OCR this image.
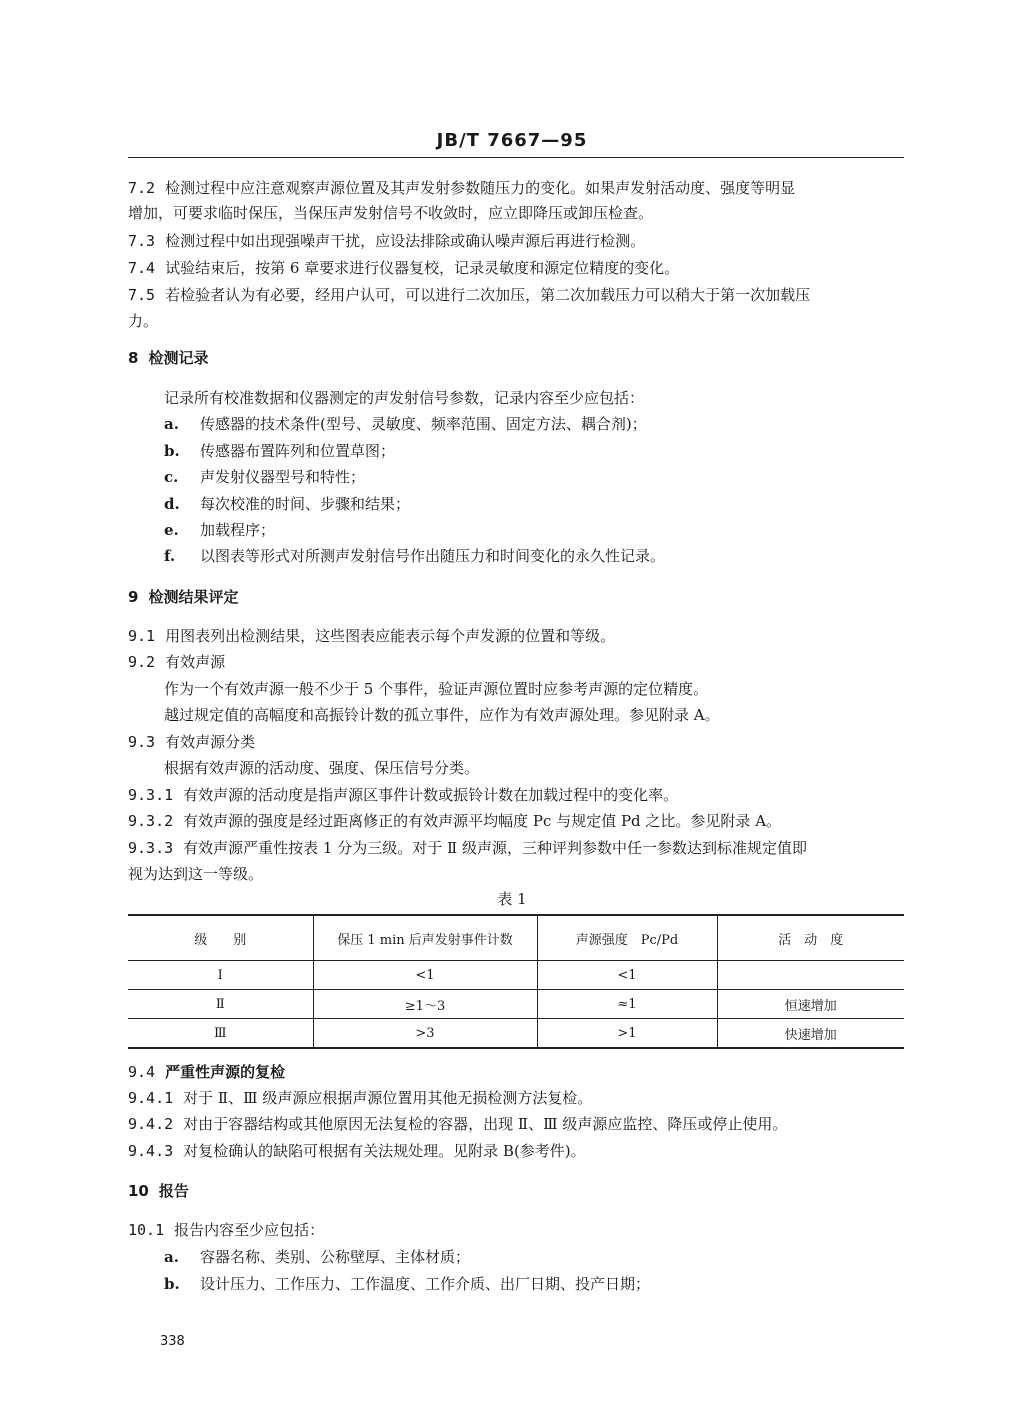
JB/T 7667—95
7.2 检测过程中应注意观察声源位置及其声发射参数随压力的变化。如果声发射活动度、强度等明显
增加，可要求临时保压，当保压声发射信号不收敛时，应立即降压或卸压检查。
7.3 检测过程中如出现强噪声干扰，应设法排除或确认噪声源后再进行检测。
7.4 试验结束后，按第 6 章要求进行仪器复校，记录灵敏度和源定位精度的变化。
7.5 若检验者认为有必要，经用户认可，可以进行二次加压，第二次加载压力可以稍大于第一次加载压
力。
8 检测记录
记录所有校准数据和仪器测定的声发射信号参数，记录内容至少应包括：
a. 传感器的技术条件(型号、灵敏度、频率范围、固定方法、耦合剂)；
b. 传感器布置阵列和位置草图；
c. 声发射仪器型号和特性；
d. 每次校准的时间、步骤和结果；
e. 加载程序；
f. 以图表等形式对所测声发射信号作出随压力和时间变化的永久性记录。
9 检测结果评定
9.1 用图表列出检测结果，这些图表应能表示每个声发源的位置和等级。
9.2 有效声源
作为一个有效声源一般不少于 5 个事件，验证声源位置时应参考声源的定位精度。
越过规定值的高幅度和高振铃计数的孤立事件，应作为有效声源处理。参见附录 A。
9.3 有效声源分类
根据有效声源的活动度、强度、保压信号分类。
9.3.1 有效声源的活动度是指声源区事件计数或振铃计数在加载过程中的变化率。
9.3.2 有效声源的强度是经过距离修正的有效声源平均幅度 Pc 与规定值 Pd 之比。参见附录 A。
9.3.3 有效声源严重性按表 1 分为三级。对于 Ⅱ 级声源，三种评判参数中任一参数达到标准规定值即
视为达到这一等级。
表 1
级　　别	保压 1 min 后声发射事件计数	声源强度　Pc/Pd	活　动　度
Ⅰ	<1	<1	
Ⅱ	≥1～3	≈1	恒速增加
Ⅲ	>3	>1	快速增加
9.4 严重性声源的复检
9.4.1 对于 Ⅱ、Ⅲ 级声源应根据声源位置用其他无损检测方法复检。
9.4.2 对由于容器结构或其他原因无法复检的容器，出现 Ⅱ、Ⅲ 级声源应监控、降压或停止使用。
9.4.3 对复检确认的缺陷可根据有关法规处理。见附录 B(参考件)。
10 报告
10.1 报告内容至少应包括：
a. 容器名称、类别、公称壁厚、主体材质；
b. 设计压力、工作压力、工作温度、工作介质、出厂日期、投产日期；
338
